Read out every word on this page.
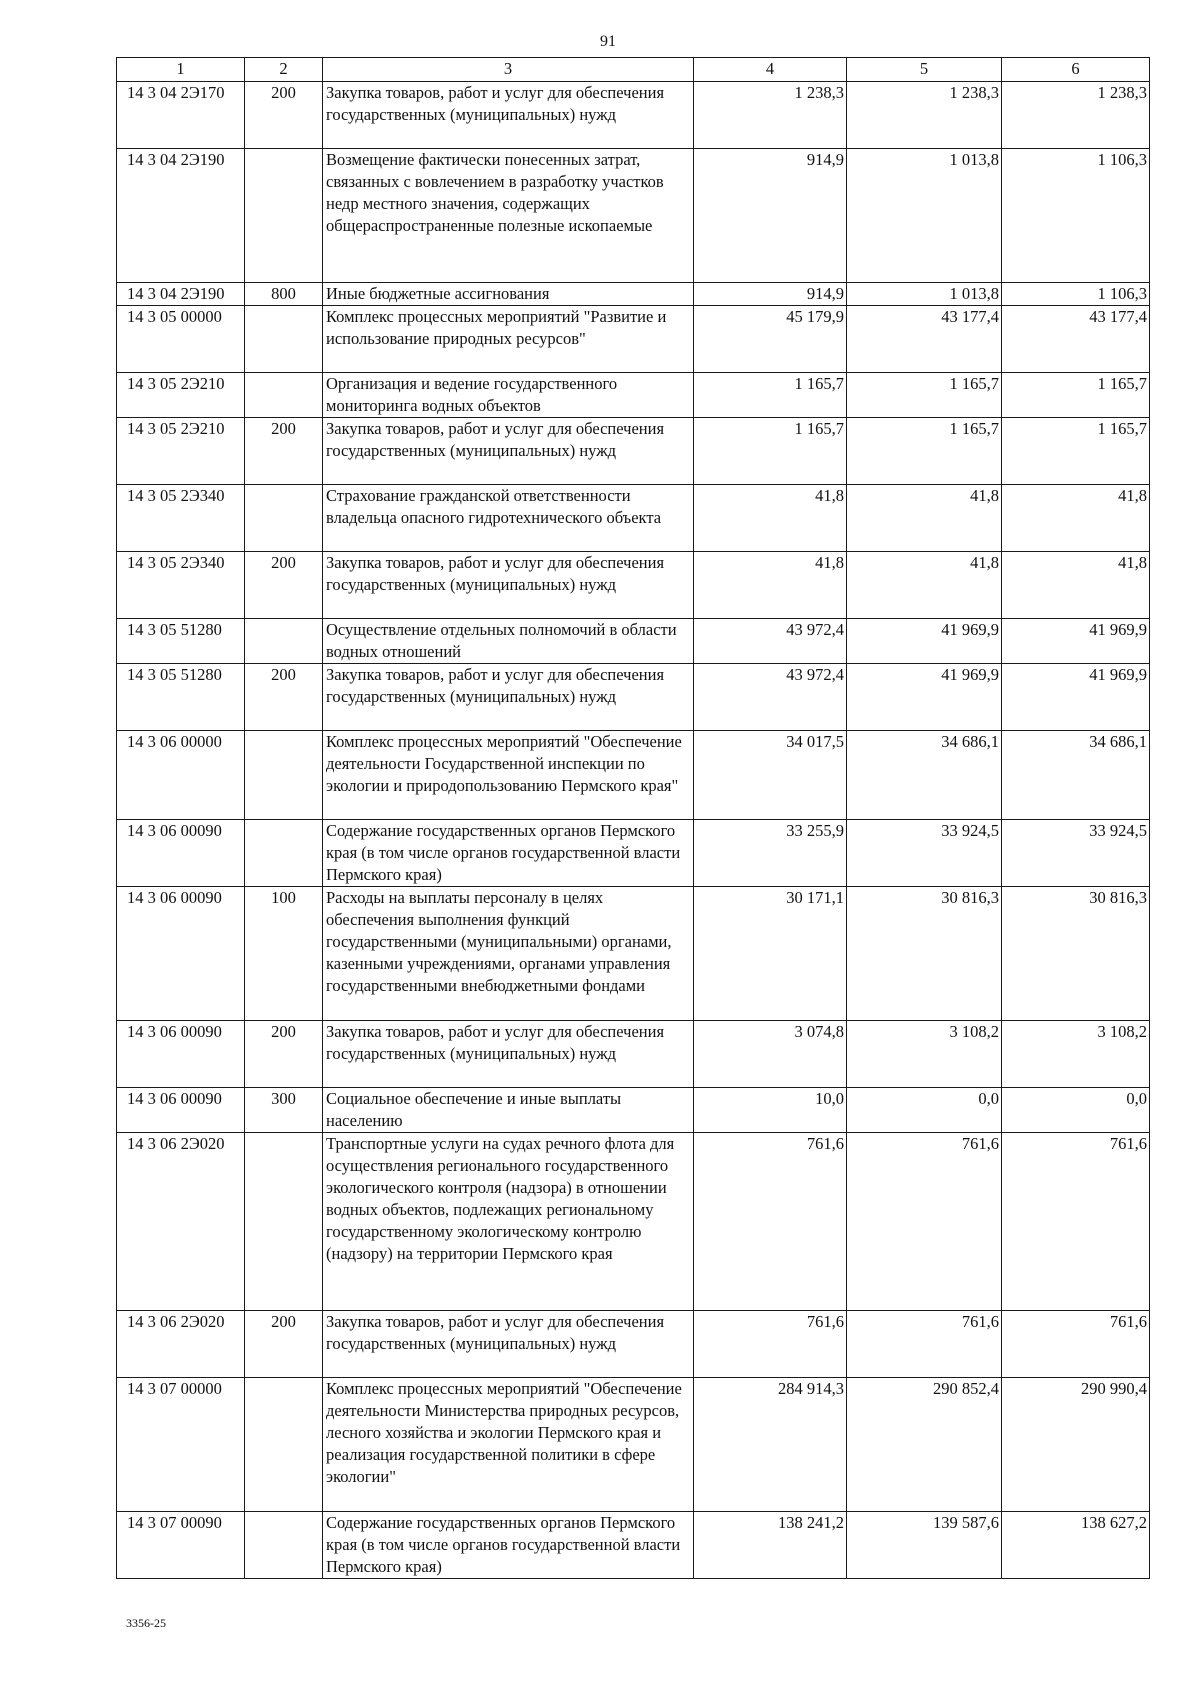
91
1	2	3	4	5	6
14 3 04 2Э170	200	Закупка товаров, работ и услуг для обеспечения государственных (муниципальных) нужд	1 238,3	1 238,3	1 238,3
14 3 04 2Э190		Возмещение фактически понесенных затрат, связанных с вовлечением в разработку участков недр местного значения, содержащих общераспространенные полезные ископаемые	914,9	1 013,8	1 106,3
14 3 04 2Э190	800	Иные бюджетные ассигнования	914,9	1 013,8	1 106,3
14 3 05 00000		Комплекс процессных мероприятий "Развитие и использование природных ресурсов"	45 179,9	43 177,4	43 177,4
14 3 05 2Э210		Организация и ведение государственного мониторинга водных объектов	1 165,7	1 165,7	1 165,7
14 3 05 2Э210	200	Закупка товаров, работ и услуг для обеспечения государственных (муниципальных) нужд	1 165,7	1 165,7	1 165,7
14 3 05 2Э340		Страхование гражданской ответственности владельца опасного гидротехнического объекта	41,8	41,8	41,8
14 3 05 2Э340	200	Закупка товаров, работ и услуг для обеспечения государственных (муниципальных) нужд	41,8	41,8	41,8
14 3 05 51280		Осуществление отдельных полномочий в области водных отношений	43 972,4	41 969,9	41 969,9
14 3 05 51280	200	Закупка товаров, работ и услуг для обеспечения государственных (муниципальных) нужд	43 972,4	41 969,9	41 969,9
14 3 06 00000		Комплекс процессных мероприятий "Обеспечение деятельности Государственной инспекции по экологии и природопользованию Пермского края"	34 017,5	34 686,1	34 686,1
14 3 06 00090		Содержание государственных органов Пермского края (в том числе органов государственной власти Пермского края)	33 255,9	33 924,5	33 924,5
14 3 06 00090	100	Расходы на выплаты персоналу в целях обеспечения выполнения функций государственными (муниципальными) органами, казенными учреждениями, органами управления государственными внебюджетными фондами	30 171,1	30 816,3	30 816,3
14 3 06 00090	200	Закупка товаров, работ и услуг для обеспечения государственных (муниципальных) нужд	3 074,8	3 108,2	3 108,2
14 3 06 00090	300	Социальное обеспечение и иные выплаты населению	10,0	0,0	0,0
14 3 06 2Э020		Транспортные услуги на судах речного флота для осуществления регионального государственного экологического контроля (надзора) в отношении водных объектов, подлежащих региональному государственному экологическому контролю (надзору) на территории Пермского края	761,6	761,6	761,6
14 3 06 2Э020	200	Закупка товаров, работ и услуг для обеспечения государственных (муниципальных) нужд	761,6	761,6	761,6
14 3 07 00000		Комплекс процессных мероприятий "Обеспечение деятельности Министерства природных ресурсов, лесного хозяйства и экологии Пермского края и реализация государственной политики в сфере экологии"	284 914,3	290 852,4	290 990,4
14 3 07 00090		Содержание государственных органов Пермского края (в том числе органов государственной власти Пермского края)	138 241,2	139 587,6	138 627,2
3356-25
